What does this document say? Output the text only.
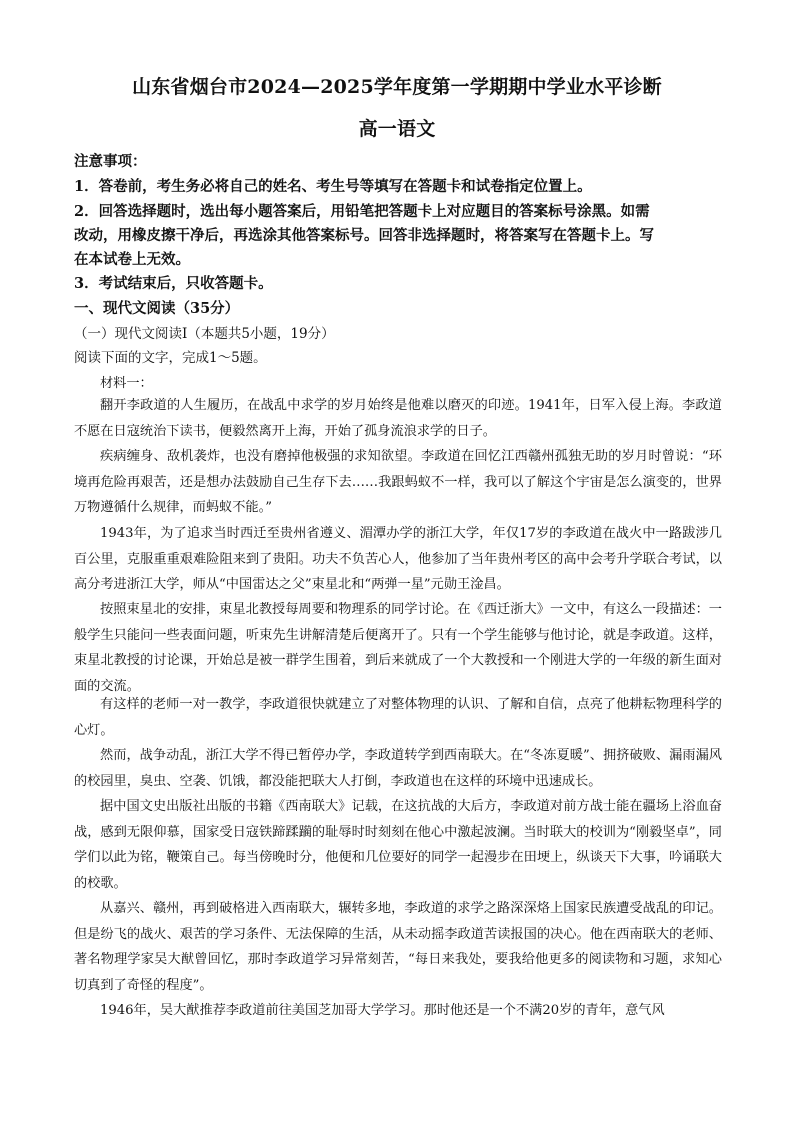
山东省烟台市2024—2025学年度第一学期期中学业水平诊断
高一语文
注意事项：
1．答卷前，考生务必将自己的姓名、考生号等填写在答题卡和试卷指定位置上。
2．回答选择题时，选出每小题答案后，用铅笔把答题卡上对应题目的答案标号涂黑。如需
改动，用橡皮擦干净后，再选涂其他答案标号。回答非选择题时，将答案写在答题卡上。写
在本试卷上无效。
3．考试结束后，只收答题卡。
一、现代文阅读（35分）
（一）现代文阅读Ⅰ（本题共5小题，19分）
阅读下面的文字，完成1～5题。
材料一：
翻开李政道的人生履历，在战乱中求学的岁月始终是他难以磨灭的印迹。1941年，日军入侵上海。李政道不愿在日寇统治下读书，便毅然离开上海，开始了孤身流浪求学的日子。
疾病缠身、敌机袭炸，也没有磨掉他极强的求知欲望。李政道在回忆江西赣州孤独无助的岁月时曾说：“环境再危险再艰苦，还是想办法鼓励自己生存下去……我跟蚂蚁不一样，我可以了解这个宇宙是怎么演变的，世界万物遵循什么规律，而蚂蚁不能。”
1943年，为了追求当时西迁至贵州省遵义、湄潭办学的浙江大学，年仅17岁的李政道在战火中一路跋涉几百公里，克服重重艰难险阻来到了贵阳。功夫不负苦心人，他参加了当年贵州考区的高中会考升学联合考试，以高分考进浙江大学，师从“中国雷达之父”束星北和“两弹一星”元勋王淦昌。
按照束星北的安排，束星北教授每周要和物理系的同学讨论。在《西迁浙大》一文中，有这么一段描述：一般学生只能问一些表面问题，听束先生讲解清楚后便离开了。只有一个学生能够与他讨论，就是李政道。这样，束星北教授的讨论课，开始总是被一群学生围着，到后来就成了一个大教授和一个刚进大学的一年级的新生面对面的交流。
有这样的老师一对一教学，李政道很快就建立了对整体物理的认识、了解和自信，点亮了他耕耘物理科学的心灯。
然而，战争动乱，浙江大学不得已暂停办学，李政道转学到西南联大。在“冬冻夏暖”、拥挤破败、漏雨漏风的校园里，臭虫、空袭、饥饿，都没能把联大人打倒，李政道也在这样的环境中迅速成长。
据中国文史出版社出版的书籍《西南联大》记载，在这抗战的大后方，李政道对前方战士能在疆场上浴血奋战，感到无限仰慕，国家受日寇铁蹄蹂躏的耻辱时时刻刻在他心中激起波澜。当时联大的校训为“刚毅坚卓”，同学们以此为铭，鞭策自己。每当傍晚时分，他便和几位要好的同学一起漫步在田埂上，纵谈天下大事，吟诵联大的校歌。
从嘉兴、赣州，再到破格进入西南联大，辗转多地，李政道的求学之路深深烙上国家民族遭受战乱的印记。但是纷飞的战火、艰苦的学习条件、无法保障的生活，从未动摇李政道苦读报国的决心。他在西南联大的老师、著名物理学家吴大猷曾回忆，那时李政道学习异常刻苦，“每日来我处，要我给他更多的阅读物和习题，求知心切真到了奇怪的程度”。
1946年，吴大猷推荐李政道前往美国芝加哥大学学习。那时他还是一个不满20岁的青年，意气风
